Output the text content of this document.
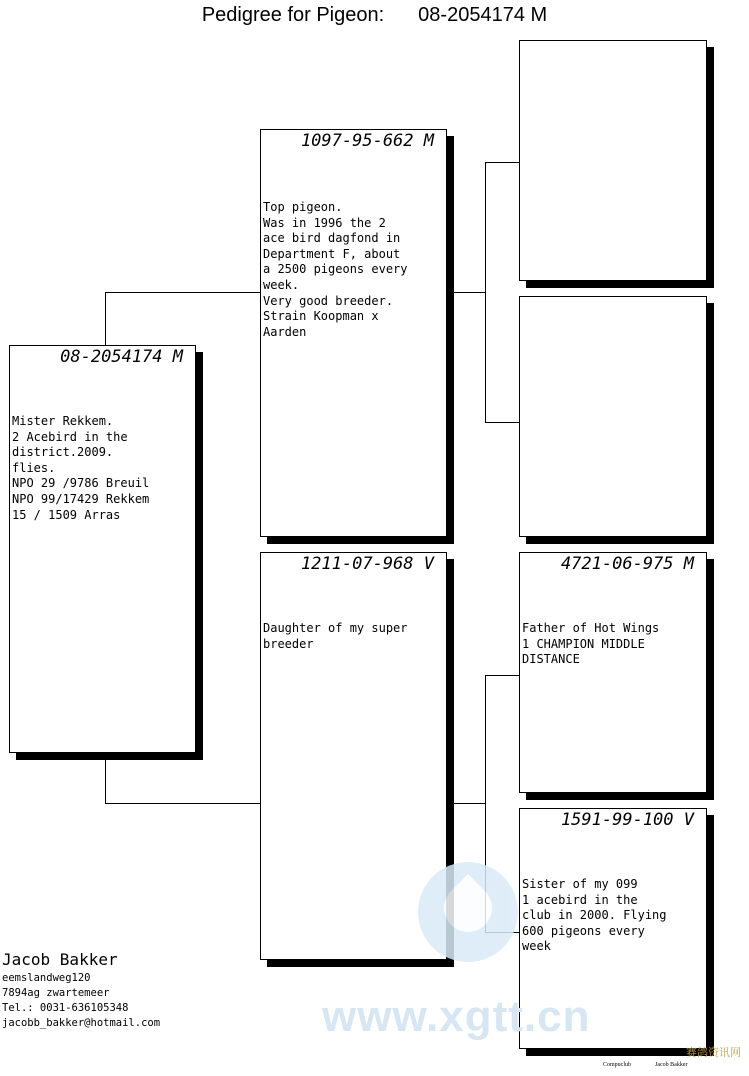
Pedigree for Pigeon: 08-2054174 M
08-2054174 M
Mister Rekkem.
2 Acebird in the
district.2009.
flies.
NPO 29 /9786 Breuil
NPO 99/17429 Rekkem
15 / 1509 Arras
1097-95-662 M
Top pigeon.
Was in 1996 the 2
ace bird dagfond in
Department F, about
a 2500 pigeons every
week.
Very good breeder.
Strain Koopman x
Aarden
1211-07-968 V
Daughter of my super
breeder
4721-06-975 M
Father of Hot Wings
1 CHAMPION MIDDLE
DISTANCE
1591-99-100 V
Sister of my 099
1 acebird in the
club in 2000. Flying
600 pigeons every
week
Jacob Bakker
eemslandweg120
7894ag zwartemeer
Tel.: 0031-636105348
jacobb_bakker@hotmail.com	www.xgtt.cn
Compuclub	Jacob Bakker
赛鸽资讯网
